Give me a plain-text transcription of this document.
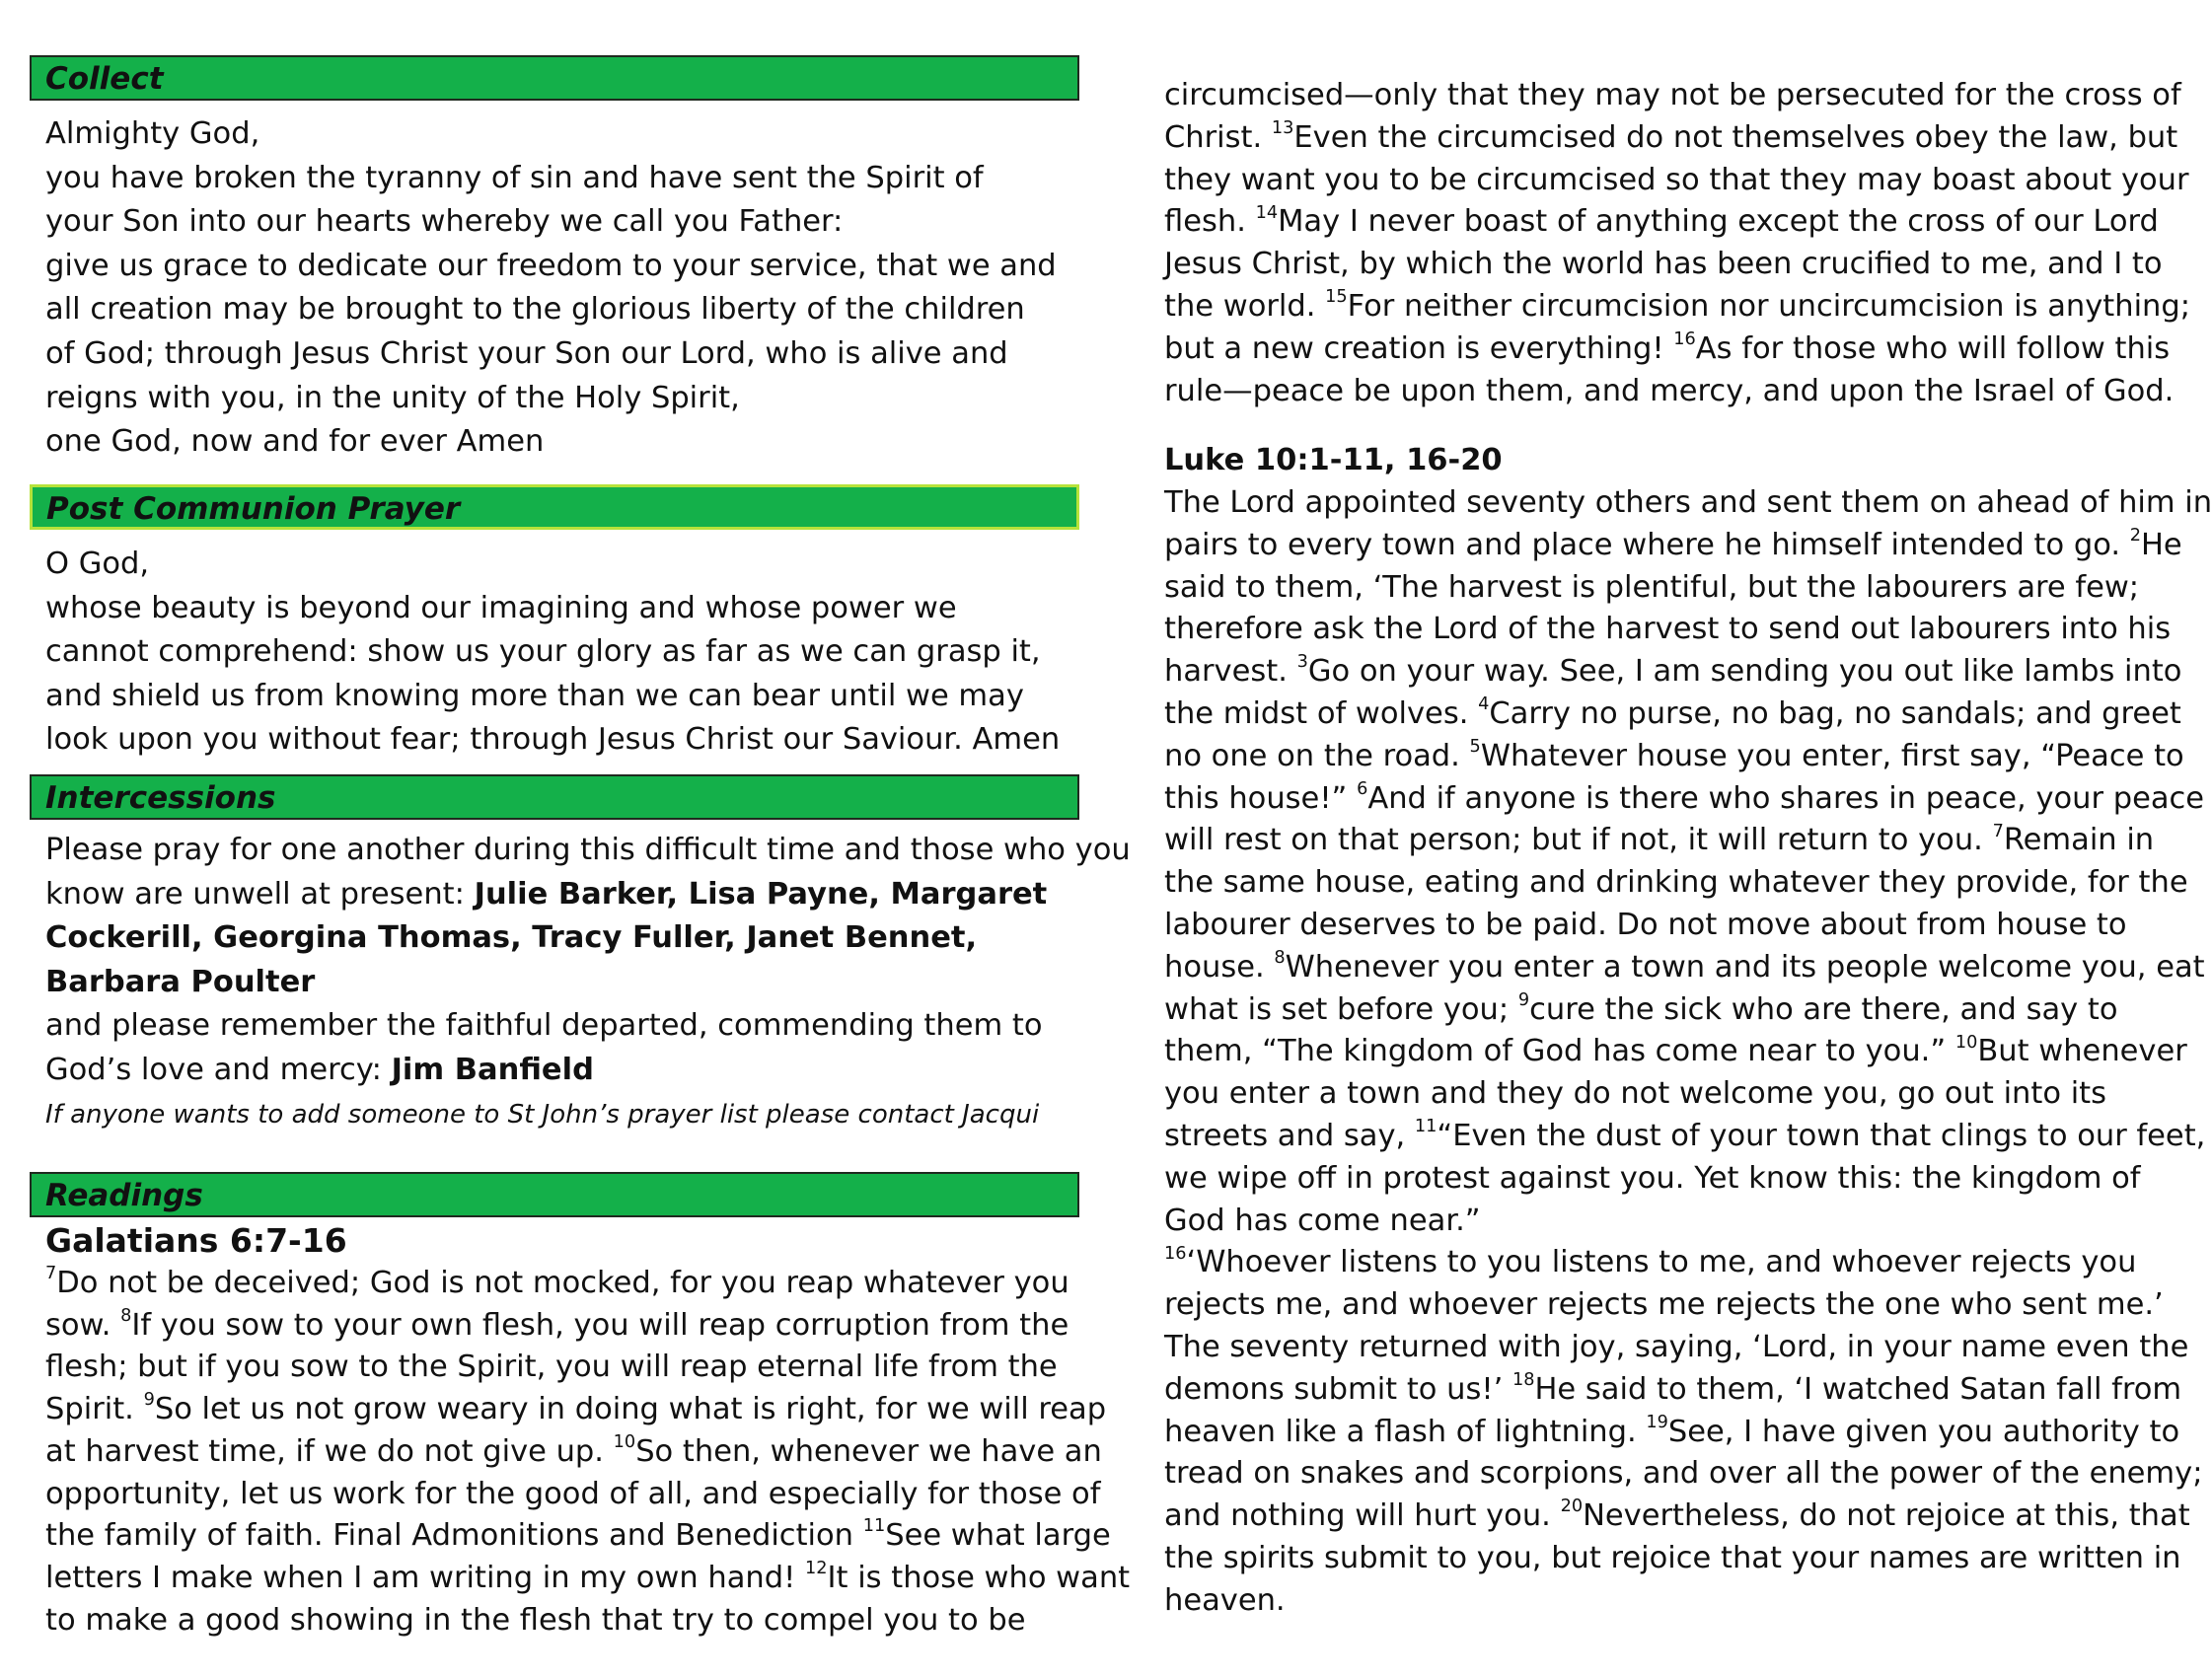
Collect
Almighty God,
you have broken the tyranny of sin and have sent the Spirit of
your Son into our hearts whereby we call you Father:
give us grace to dedicate our freedom to your service, that we and
all creation may be brought to the glorious liberty of the children
of God; through Jesus Christ your Son our Lord, who is alive and
reigns with you, in the unity of the Holy Spirit,
one God, now and for ever Amen
Post Communion Prayer
O God,
whose beauty is beyond our imagining and whose power we
cannot comprehend: show us your glory as far as we can grasp it,
and shield us from knowing more than we can bear until we may
look upon you without fear; through Jesus Christ our Saviour. Amen
Intercessions
Please pray for one another during this difficult time and those who you
know are unwell at present: Julie Barker, Lisa Payne, Margaret
Cockerill, Georgina Thomas, Tracy Fuller, Janet Bennet,
Barbara Poulter
and please remember the faithful departed, commending them to
God’s love and mercy: Jim Banfield
If anyone wants to add someone to St John’s prayer list please contact Jacqui
Readings
Galatians 6:7-16
$^7$Do not be deceived; God is not mocked, for you reap whatever you
sow. $^8$If you sow to your own flesh, you will reap corruption from the
flesh; but if you sow to the Spirit, you will reap eternal life from the
Spirit. $^9$So let us not grow weary in doing what is right, for we will reap
at harvest time, if we do not give up. $^{10}$So then, whenever we have an
opportunity, let us work for the good of all, and especially for those of
the family of faith. Final Admonitions and Benediction $^{11}$See what large
letters I make when I am writing in my own hand! $^{12}$It is those who want
to make a good showing in the flesh that try to compel you to be
circumcised—only that they may not be persecuted for the cross of
Christ. $^{13}$Even the circumcised do not themselves obey the law, but
they want you to be circumcised so that they may boast about your
flesh. $^{14}$May I never boast of anything except the cross of our Lord
Jesus Christ, by which the world has been crucified to me, and I to
the world. $^{15}$For neither circumcision nor uncircumcision is anything;
but a new creation is everything! $^{16}$As for those who will follow this
rule—peace be upon them, and mercy, and upon the Israel of God.
Luke 10:1-11, 16-20
The Lord appointed seventy others and sent them on ahead of him in
pairs to every town and place where he himself intended to go. $^2$He
said to them, ‘The harvest is plentiful, but the labourers are few;
therefore ask the Lord of the harvest to send out labourers into his
harvest. $^3$Go on your way. See, I am sending you out like lambs into
the midst of wolves. $^4$Carry no purse, no bag, no sandals; and greet
no one on the road. $^5$Whatever house you enter, first say, “Peace to
this house!” $^6$And if anyone is there who shares in peace, your peace
will rest on that person; but if not, it will return to you. $^7$Remain in
the same house, eating and drinking whatever they provide, for the
labourer deserves to be paid. Do not move about from house to
house. $^8$Whenever you enter a town and its people welcome you, eat
what is set before you; $^9$cure the sick who are there, and say to
them, “The kingdom of God has come near to you.” $^{10}$But whenever
you enter a town and they do not welcome you, go out into its
streets and say, $^{11}$“Even the dust of your town that clings to our feet,
we wipe off in protest against you. Yet know this: the kingdom of
God has come near.”
$^{16}$‘Whoever listens to you listens to me, and whoever rejects you
rejects me, and whoever rejects me rejects the one who sent me.’
The seventy returned with joy, saying, ‘Lord, in your name even the
demons submit to us!’ $^{18}$He said to them, ‘I watched Satan fall from
heaven like a flash of lightning. $^{19}$See, I have given you authority to
tread on snakes and scorpions, and over all the power of the enemy;
and nothing will hurt you. $^{20}$Nevertheless, do not rejoice at this, that
the spirits submit to you, but rejoice that your names are written in
heaven.
